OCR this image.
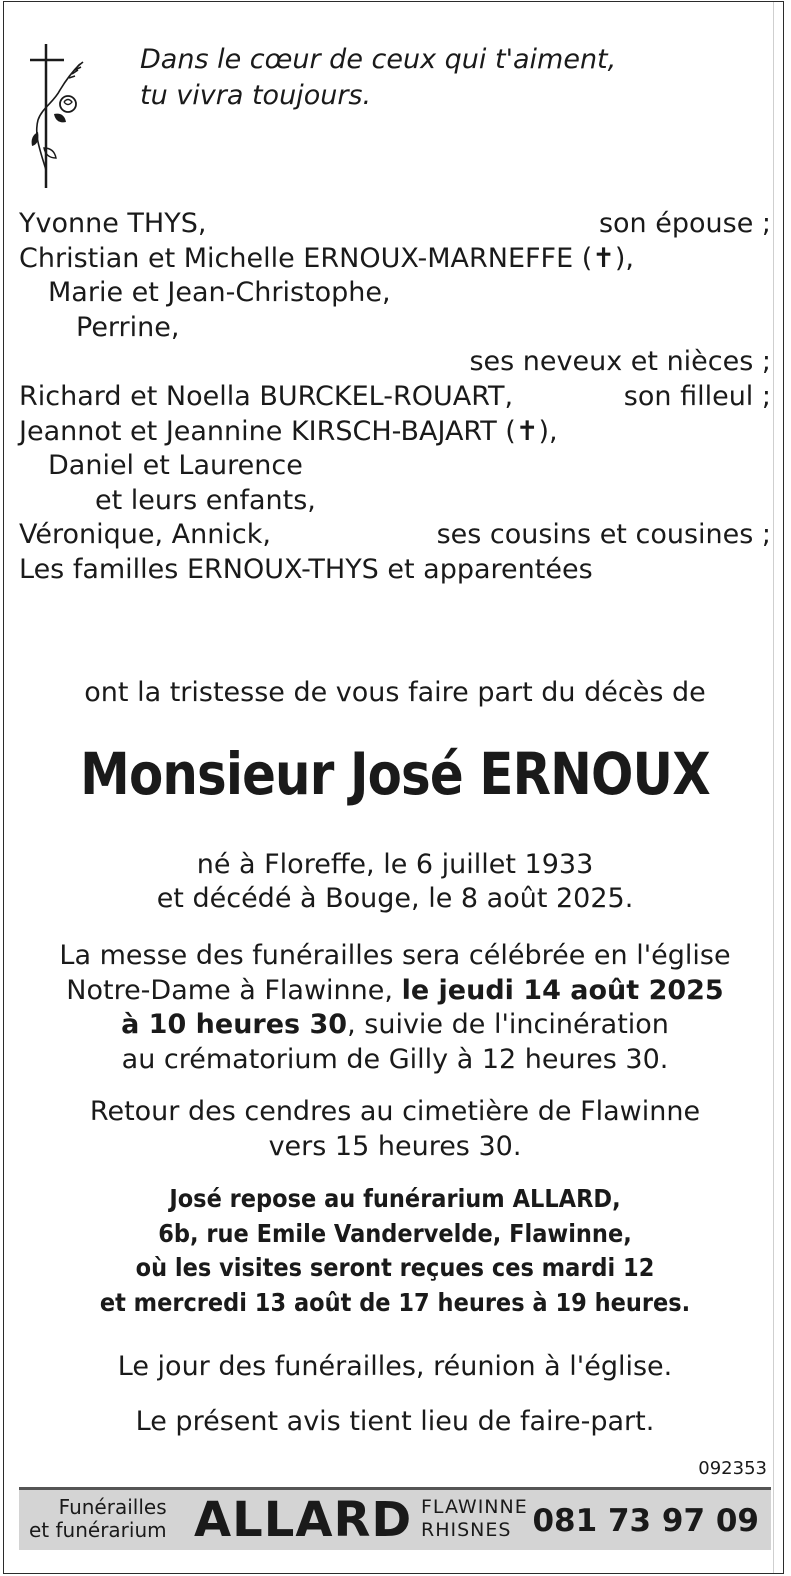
Dans le cœur de ceux qui t'aiment,
tu vivra toujours.
Yvonne THYS,	son épouse ;
Christian et Michelle ERNOUX-MARNEFFE (✝),
Marie et Jean-Christophe,
Perrine,
ses neveux et nièces ;
Richard et Noella BURCKEL-ROUART,	son filleul ;
Jeannot et Jeannine KIRSCH-BAJART (✝),
Daniel et Laurence
et leurs enfants,
Véronique, Annick,	ses cousins et cousines ;
Les familles ERNOUX-THYS et apparentées
ont la tristesse de vous faire part du décès de
Monsieur José ERNOUX
né à Floreffe, le 6 juillet 1933
et décédé à Bouge, le 8 août 2025.
La messe des funérailles sera célébrée en l'église
Notre-Dame à Flawinne, le jeudi 14 août 2025
à 10 heures 30, suivie de l'incinération
au crématorium de Gilly à 12 heures 30.
Retour des cendres au cimetière de Flawinne
vers 15 heures 30.
José repose au funérarium ALLARD,
6b, rue Emile Vandervelde, Flawinne,
où les visites seront reçues ces mardi 12
et mercredi 13 août de 17 heures à 19 heures.
Le jour des funérailles, réunion à l'église.
Le présent avis tient lieu de faire-part.
092353
Funérailles
et funérarium ALLARD FLAWINNE
RHISNES 081 73 97 09
